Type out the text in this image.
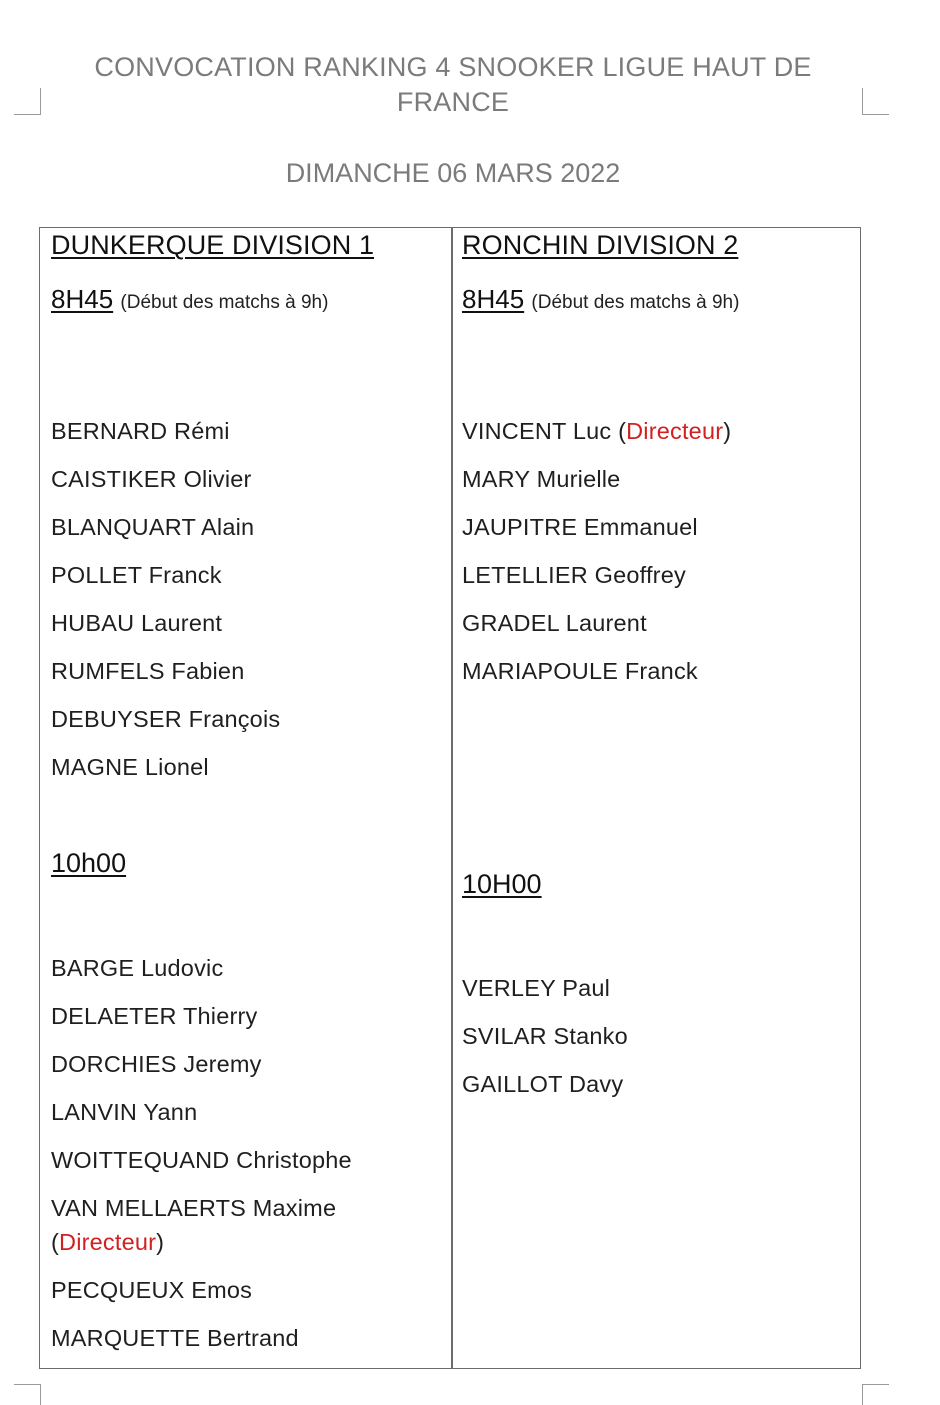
CONVOCATION RANKING 4 SNOOKER LIGUE HAUT DE FRANCE
DIMANCHE 06 MARS 2022
DUNKERQUE DIVISION 1
8H45 (Début des matchs à 9h)
BERNARD Rémi
CAISTIKER Olivier
BLANQUART Alain
POLLET Franck
HUBAU Laurent
RUMFELS Fabien
DEBUYSER François
MAGNE Lionel
10h00
BARGE Ludovic
DELAETER Thierry
DORCHIES Jeremy
LANVIN Yann
WOITTEQUAND Christophe
VAN MELLAERTS Maxime
(Directeur)
PECQUEUX Emos
MARQUETTE Bertrand
RONCHIN DIVISION 2
8H45 (Début des matchs à 9h)
VINCENT Luc (Directeur)
MARY Murielle
JAUPITRE Emmanuel
LETELLIER Geoffrey
GRADEL Laurent
MARIAPOULE Franck
10H00
VERLEY Paul
SVILAR Stanko
GAILLOT Davy
